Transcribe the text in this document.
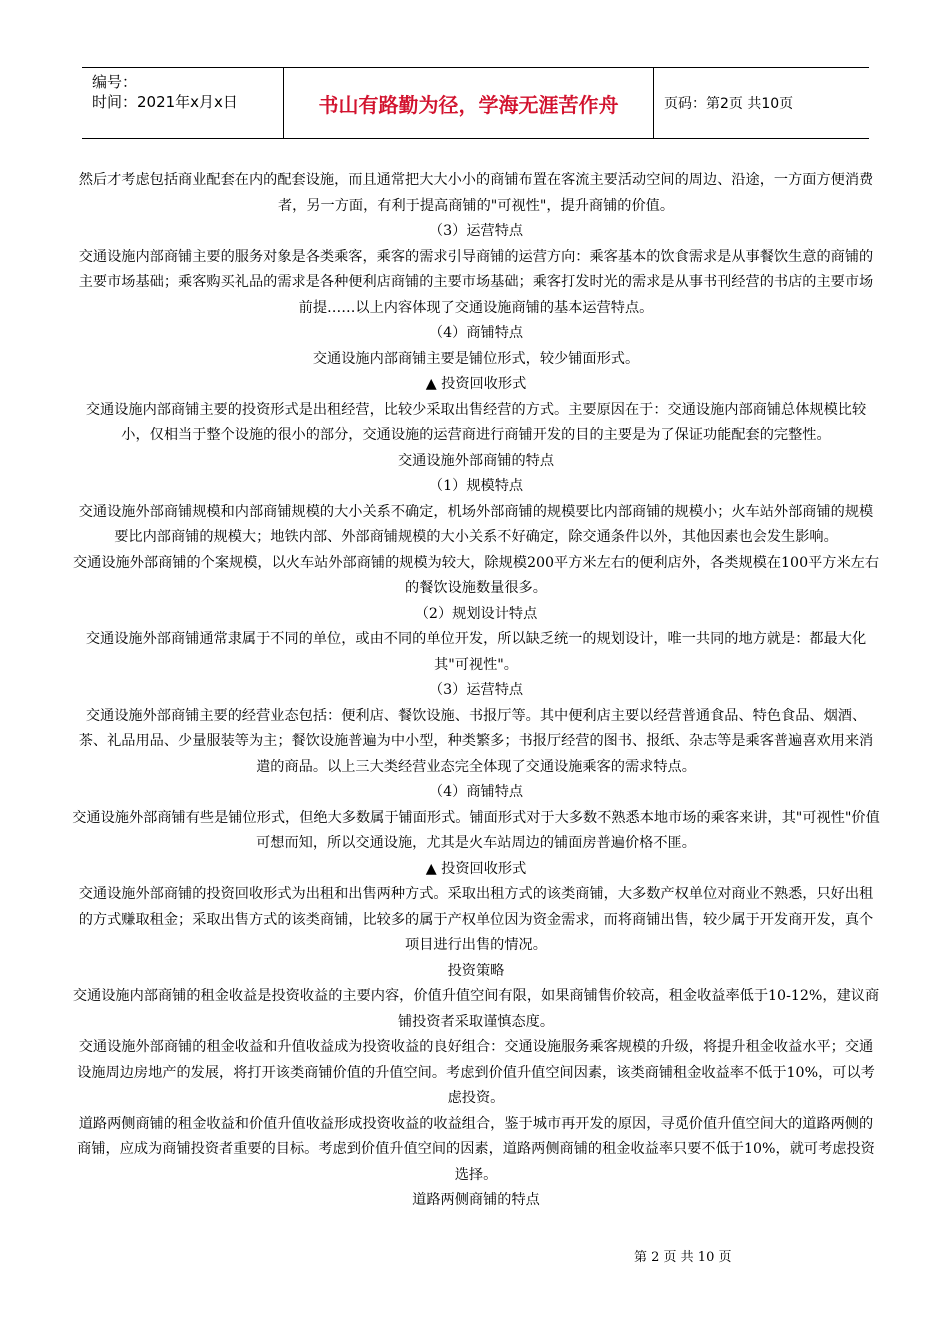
编号：
时间：2021年x月x日	书山有路勤为径，学海无涯苦作舟	页码：第2页 共10页

然后才考虑包括商业配套在内的配套设施，而且通常把大大小小的商铺布置在客流主要活动空间的周边、沿途，一方面方便消费者，另一方面，有利于提高商铺的"可视性"，提升商铺的价值。

（3）运营特点

交通设施内部商铺主要的服务对象是各类乘客，乘客的需求引导商铺的运营方向：乘客基本的饮食需求是从事餐饮生意的商铺的主要市场基础；乘客购买礼品的需求是各种便利店商铺的主要市场基础；乘客打发时光的需求是从事书刊经营的书店的主要市场前提……以上内容体现了交通设施商铺的基本运营特点。

（4）商铺特点

交通设施内部商铺主要是铺位形式，较少铺面形式。

▲ 投资回收形式

交通设施内部商铺主要的投资形式是出租经营，比较少采取出售经营的方式。主要原因在于：交通设施内部商铺总体规模比较小，仅相当于整个设施的很小的部分，交通设施的运营商进行商铺开发的目的主要是为了保证功能配套的完整性。

交通设施外部商铺的特点

（1）规模特点

交通设施外部商铺规模和内部商铺规模的大小关系不确定，机场外部商铺的规模要比内部商铺的规模小；火车站外部商铺的规模要比内部商铺的规模大；地铁内部、外部商铺规模的大小关系不好确定，除交通条件以外，其他因素也会发生影响。

交通设施外部商铺的个案规模，以火车站外部商铺的规模为较大，除规模200平方米左右的便利店外，各类规模在100平方米左右的餐饮设施数量很多。

（2）规划设计特点

交通设施外部商铺通常隶属于不同的单位，或由不同的单位开发，所以缺乏统一的规划设计，唯一共同的地方就是：都最大化其"可视性"。

（3）运营特点

交通设施外部商铺主要的经营业态包括：便利店、餐饮设施、书报厅等。其中便利店主要以经营普通食品、特色食品、烟酒、茶、礼品用品、少量服装等为主；餐饮设施普遍为中小型，种类繁多；书报厅经营的图书、报纸、杂志等是乘客普遍喜欢用来消遣的商品。以上三大类经营业态完全体现了交通设施乘客的需求特点。

（4）商铺特点

交通设施外部商铺有些是铺位形式，但绝大多数属于铺面形式。铺面形式对于大多数不熟悉本地市场的乘客来讲，其"可视性"价值可想而知，所以交通设施，尤其是火车站周边的铺面房普遍价格不匪。

▲ 投资回收形式

交通设施外部商铺的投资回收形式为出租和出售两种方式。采取出租方式的该类商铺，大多数产权单位对商业不熟悉，只好出租的方式赚取租金；采取出售方式的该类商铺，比较多的属于产权单位因为资金需求，而将商铺出售，较少属于开发商开发，真个项目进行出售的情况。

投资策略

交通设施内部商铺的租金收益是投资收益的主要内容，价值升值空间有限，如果商铺售价较高，租金收益率低于10-12%，建议商铺投资者采取谨慎态度。

交通设施外部商铺的租金收益和升值收益成为投资收益的良好组合：交通设施服务乘客规模的升级，将提升租金收益水平；交通设施周边房地产的发展，将打开该类商铺价值的升值空间。考虑到价值升值空间因素，该类商铺租金收益率不低于10%，可以考虑投资。

道路两侧商铺的租金收益和价值升值收益形成投资收益的收益组合，鉴于城市再开发的原因，寻觅价值升值空间大的道路两侧的商铺，应成为商铺投资者重要的目标。考虑到价值升值空间的因素，道路两侧商铺的租金收益率只要不低于10%，就可考虑投资选择。

道路两侧商铺的特点

第 2 页 共 10 页
